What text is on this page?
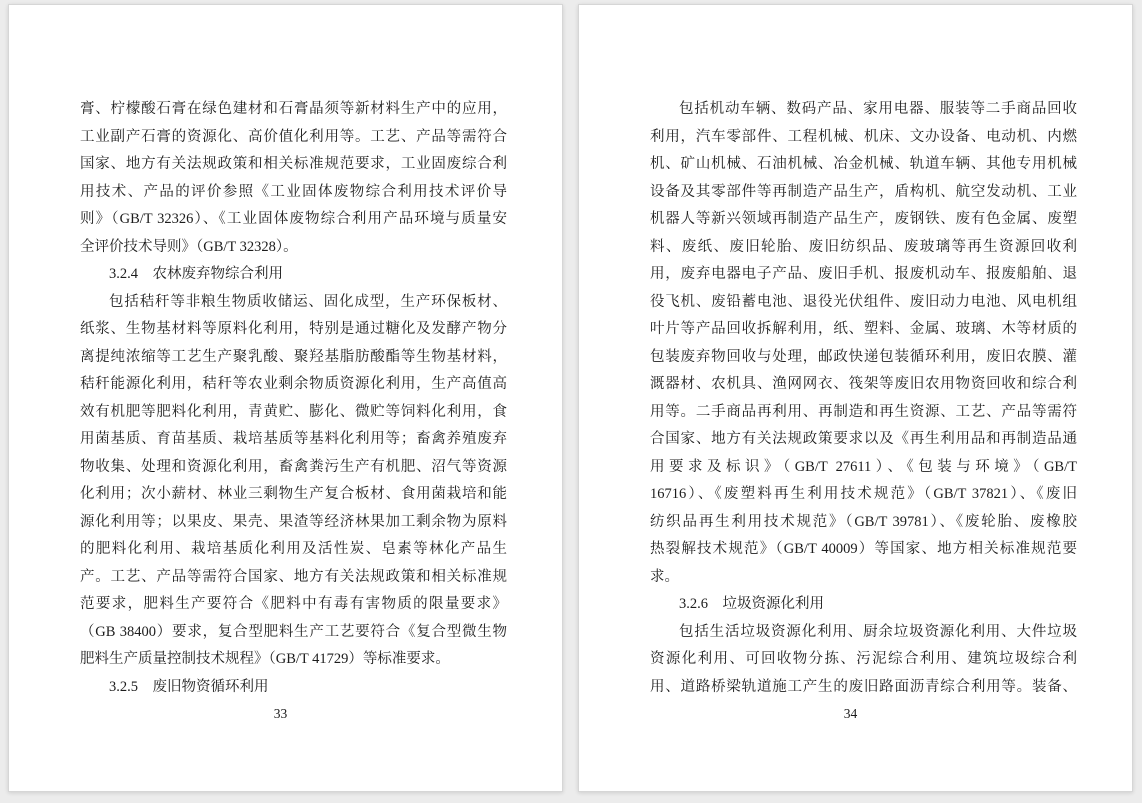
膏、柠檬酸石膏在绿色建材和石膏晶须等新材料生产中的应用，
工业副产石膏的资源化、高价值化利用等。工艺、产品等需符合
国家、地方有关法规政策和相关标准规范要求，工业固废综合利
用技术、产品的评价参照《工业固体废物综合利用技术评价导
则》（GB/T 32326）、《工业固体废物综合利用产品环境与质量安
全评价技术导则》（GB/T 32328）。
3.2.4　农林废弃物综合利用
包括秸秆等非粮生物质收储运、固化成型，生产环保板材、
纸浆、生物基材料等原料化利用，特别是通过糖化及发酵产物分
离提纯浓缩等工艺生产聚乳酸、聚羟基脂肪酸酯等生物基材料，
秸秆能源化利用，秸秆等农业剩余物质资源化利用，生产高值高
效有机肥等肥料化利用，青黄贮、膨化、微贮等饲料化利用，食
用菌基质、育苗基质、栽培基质等基料化利用等；畜禽养殖废弃
物收集、处理和资源化利用，畜禽粪污生产有机肥、沼气等资源
化利用；次小薪材、林业三剩物生产复合板材、食用菌栽培和能
源化利用等；以果皮、果壳、果渣等经济林果加工剩余物为原料
的肥料化利用、栽培基质化利用及活性炭、皂素等林化产品生
产。工艺、产品等需符合国家、地方有关法规政策和相关标准规
范要求，肥料生产要符合《肥料中有毒有害物质的限量要求》
（GB 38400）要求，复合型肥料生产工艺要符合《复合型微生物
肥料生产质量控制技术规程》（GB/T 41729）等标准要求。
3.2.5　废旧物资循环利用
33
包括机动车辆、数码产品、家用电器、服装等二手商品回收
利用，汽车零部件、工程机械、机床、文办设备、电动机、内燃
机、矿山机械、石油机械、冶金机械、轨道车辆、其他专用机械
设备及其零部件等再制造产品生产，盾构机、航空发动机、工业
机器人等新兴领域再制造产品生产，废钢铁、废有色金属、废塑
料、废纸、废旧轮胎、废旧纺织品、废玻璃等再生资源回收利
用，废弃电器电子产品、废旧手机、报废机动车、报废船舶、退
役飞机、废铅蓄电池、退役光伏组件、废旧动力电池、风电机组
叶片等产品回收拆解利用，纸、塑料、金属、玻璃、木等材质的
包装废弃物回收与处理，邮政快递包装循环利用，废旧农膜、灌
溉器材、农机具、渔网网衣、筏架等废旧农用物资回收和综合利
用等。二手商品再利用、再制造和再生资源、工艺、产品等需符
合国家、地方有关法规政策要求以及《再生利用品和再制造品通
用要求及标识》（GB/T 27611）、《包装与环境》（GB/T
16716）、《废塑料再生利用技术规范》（GB/T 37821）、《废旧
纺织品再生利用技术规范》（GB/T 39781）、《废轮胎、废橡胶
热裂解技术规范》（GB/T 40009）等国家、地方相关标准规范要
求。
3.2.6　垃圾资源化利用
包括生活垃圾资源化利用、厨余垃圾资源化利用、大件垃圾
资源化利用、可回收物分拣、污泥综合利用、建筑垃圾综合利
用、道路桥梁轨道施工产生的废旧路面沥青综合利用等。装备、
34
